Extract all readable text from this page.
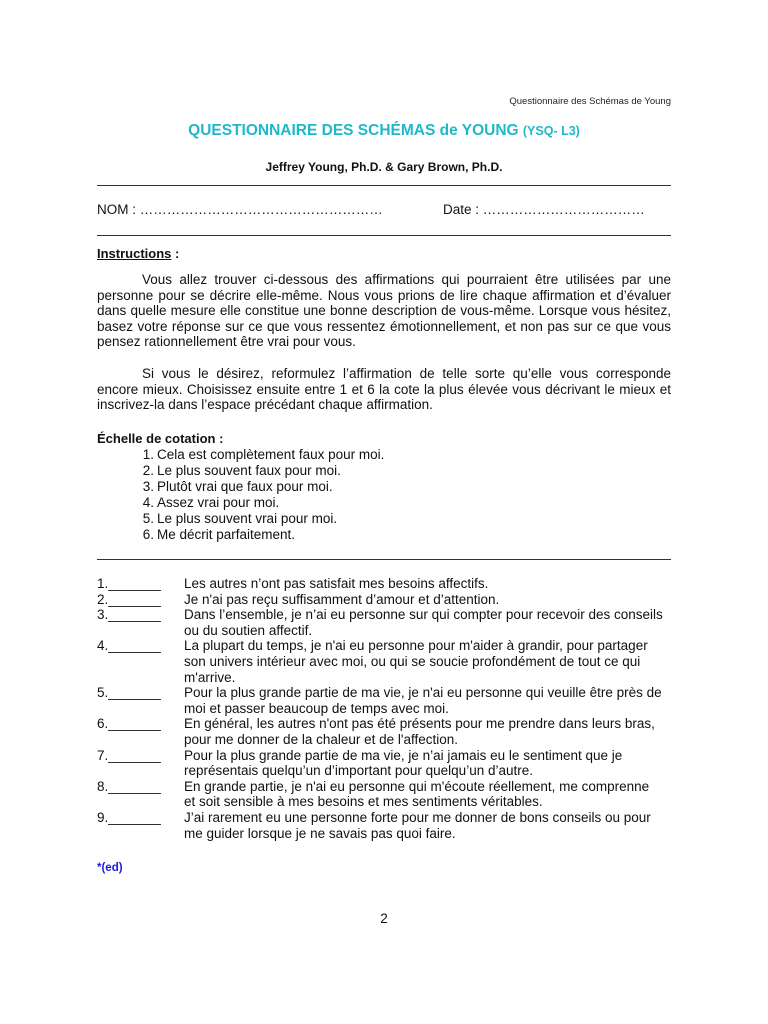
Questionnaire des Schémas de Young
QUESTIONNAIRE DES SCHÉMAS de YOUNG (YSQ- L3)
Jeffrey Young, Ph.D. & Gary Brown, Ph.D.
NOM : ………………………………………………	Date : ………………………………
Instructions :
Vous allez trouver ci-dessous des affirmations qui pourraient être utilisées par une personne pour se décrire elle-même. Nous vous prions de lire chaque affirmation et d’évaluer dans quelle mesure elle constitue une bonne description de vous-même. Lorsque vous hésitez, basez votre réponse sur ce que vous ressentez émotionnellement, et non pas sur ce que vous pensez rationnellement être vrai pour vous.
Si vous le désirez, reformulez l’affirmation de telle sorte qu’elle vous corresponde encore mieux. Choisissez ensuite entre 1 et 6 la cote la plus élevée vous décrivant le mieux et inscrivez-la dans l’espace précédant chaque affirmation.
Échelle de cotation :
1. Cela est complètement faux pour moi.
2. Le plus souvent faux pour moi.
3. Plutôt vrai que faux pour moi.
4. Assez vrai pour moi.
5. Le plus souvent vrai pour moi.
6. Me décrit parfaitement.
1._______	Les autres n’ont pas satisfait mes besoins affectifs.
2._______	Je n'ai pas reçu suffisamment d’amour et d’attention.
3._______	Dans l’ensemble, je n’ai eu personne sur qui compter pour recevoir des conseils ou du soutien affectif.
4._______	La plupart du temps, je n'ai eu personne pour m'aider à grandir, pour partager son univers intérieur avec moi, ou qui se soucie profondément de tout ce qui m'arrive.
5._______	Pour la plus grande partie de ma vie, je n'ai eu personne qui veuille être près de moi et passer beaucoup de temps avec moi.
6._______	En général, les autres n'ont pas été présents pour me prendre dans leurs bras, pour me donner de la chaleur et de l'affection.
7._______	Pour la plus grande partie de ma vie, je n’ai jamais eu le sentiment que je représentais quelqu’un d’important pour quelqu’un d’autre.
8._______	En grande partie, je n'ai eu personne qui m'écoute réellement, me comprenne et soit sensible à mes besoins et mes sentiments véritables.
9._______	J’ai rarement eu une personne forte pour me donner de bons conseils ou pour me guider lorsque je ne savais pas quoi faire.
*(ed)
2
